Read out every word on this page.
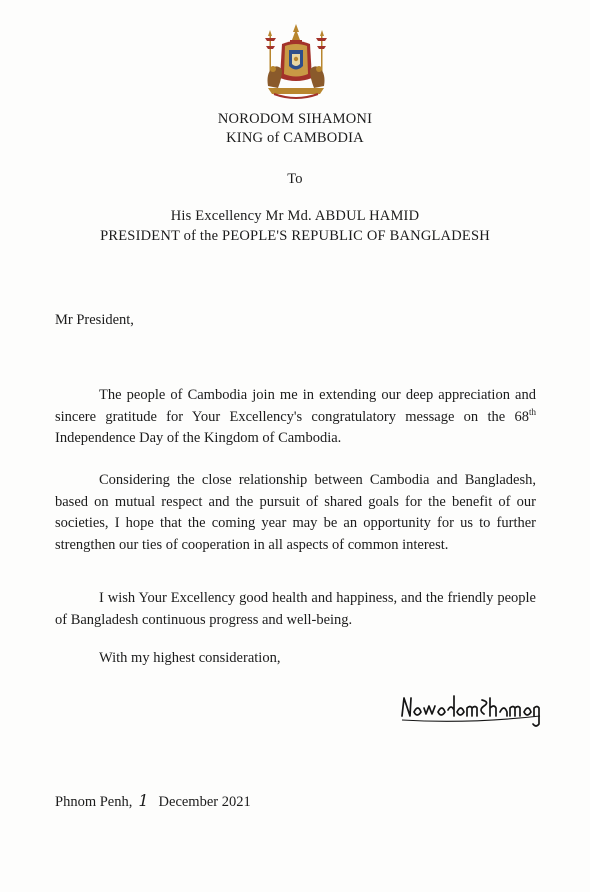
NORODOM SIHAMONI
KING of CAMBODIA
To
His Excellency Mr Md. ABDUL HAMID
PRESIDENT of the PEOPLE'S REPUBLIC OF BANGLADESH
Mr President,

The people of Cambodia join me in extending our deep appreciation and sincere gratitude for Your Excellency's congratulatory message on the 68th Independence Day of the Kingdom of Cambodia.

Considering the close relationship between Cambodia and Bangladesh, based on mutual respect and the pursuit of shared goals for the benefit of our societies, I hope that the coming year may be an opportunity for us to further strengthen our ties of cooperation in all aspects of common interest.

I wish Your Excellency good health and happiness, and the friendly people of Bangladesh continuous progress and well-being.

With my highest consideration,
Phnom Penh, 1 December 2021
